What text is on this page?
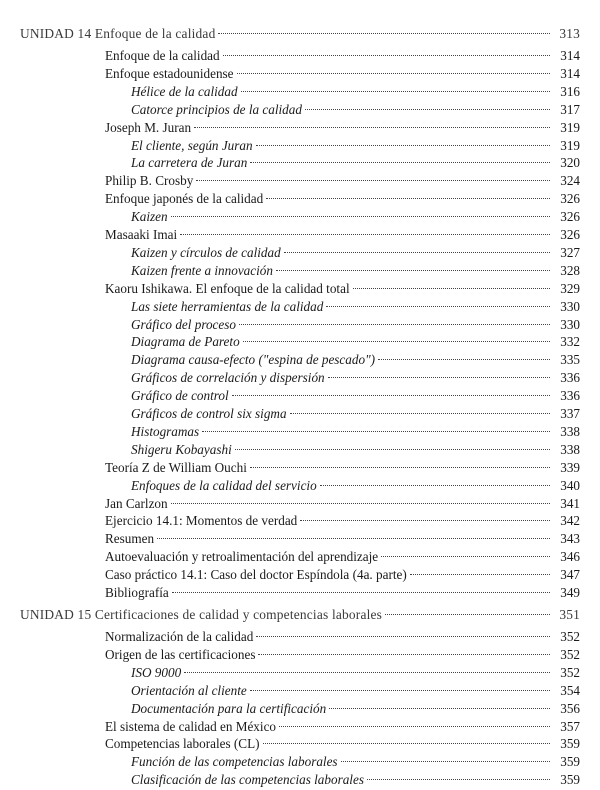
UNIDAD 14 Enfoque de la calidad	313
Enfoque de la calidad	314
Enfoque estadounidense	314
Hélice de la calidad	316
Catorce principios de la calidad	317
Joseph M. Juran	319
El cliente, según Juran	319
La carretera de Juran	320
Philip B. Crosby	324
Enfoque japonés de la calidad	326
Kaizen	326
Masaaki Imai	326
Kaizen y círculos de calidad	327
Kaizen frente a innovación	328
Kaoru Ishikawa. El enfoque de la calidad total	329
Las siete herramientas de la calidad	330
Gráfico del proceso	330
Diagrama de Pareto	332
Diagrama causa-efecto ("espina de pescado")	335
Gráficos de correlación y dispersión	336
Gráfico de control	336
Gráficos de control six sigma	337
Histogramas	338
Shigeru Kobayashi	338
Teoría Z de William Ouchi	339
Enfoques de la calidad del servicio	340
Jan Carlzon	341
Ejercicio 14.1: Momentos de verdad	342
Resumen	343
Autoevaluación y retroalimentación del aprendizaje	346
Caso práctico 14.1: Caso del doctor Espíndola (4a. parte)	347
Bibliografía	349
UNIDAD 15 Certificaciones de calidad y competencias laborales	351
Normalización de la calidad	352
Origen de las certificaciones	352
ISO 9000	352
Orientación al cliente	354
Documentación para la certificación	356
El sistema de calidad en México	357
Competencias laborales (CL)	359
Función de las competencias laborales	359
Clasificación de las competencias laborales	359
